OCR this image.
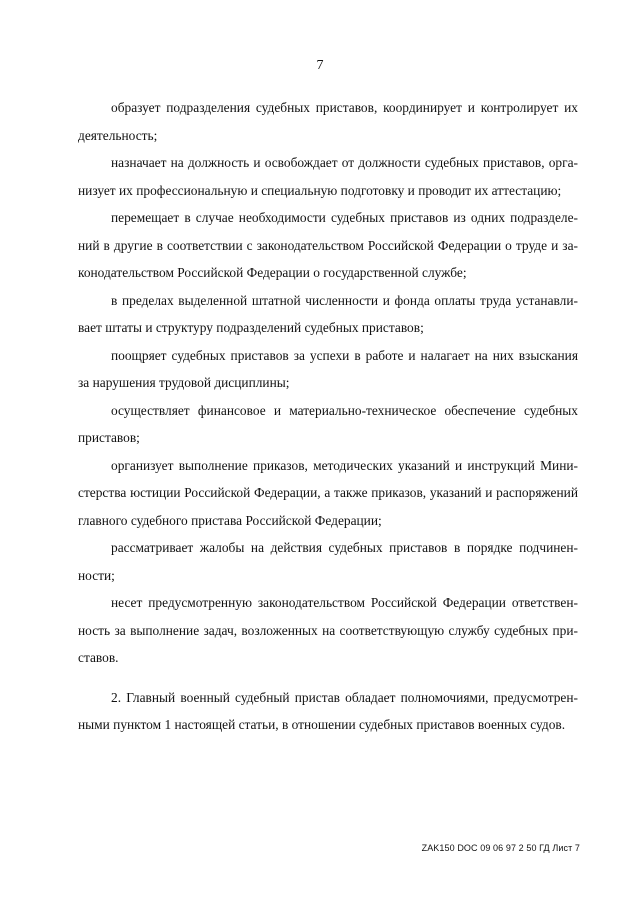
7

образует подразделения судебных приставов, координирует и контролирует их
деятельность;

назначает на должность и освобождает от должности судебных приставов, орга-
низует их профессиональную и специальную подготовку и проводит их аттестацию;

перемещает в случае необходимости судебных приставов из одних подразделе-
ний в другие в соответствии с законодательством Российской Федерации о труде и за-
конодательством Российской Федерации о государственной службе;

в пределах выделенной штатной численности и фонда оплаты труда устанавли-
вает штаты и структуру подразделений судебных приставов;

поощряет судебных приставов за успехи в работе и налагает на них взыскания
за нарушения трудовой дисциплины;

осуществляет финансовое и материально-техническое обеспечение судебных
приставов;

организует выполнение приказов, методических указаний и инструкций Мини-
стерства юстиции Российской Федерации, а также приказов, указаний и распоряжений
главного судебного пристава Российской Федерации;

рассматривает жалобы на действия судебных приставов в порядке подчинен-
ности;

несет предусмотренную законодательством Российской Федерации ответствен-
ность за выполнение задач, возложенных на соответствующую службу судебных при-
ставов.

2. Главный военный судебный пристав обладает полномочиями, предусмотрен-
ными пунктом 1 настоящей статьи, в отношении судебных приставов военных судов.

ZAK150 DOC 09 06 97 2 50 ГД Лист 7
